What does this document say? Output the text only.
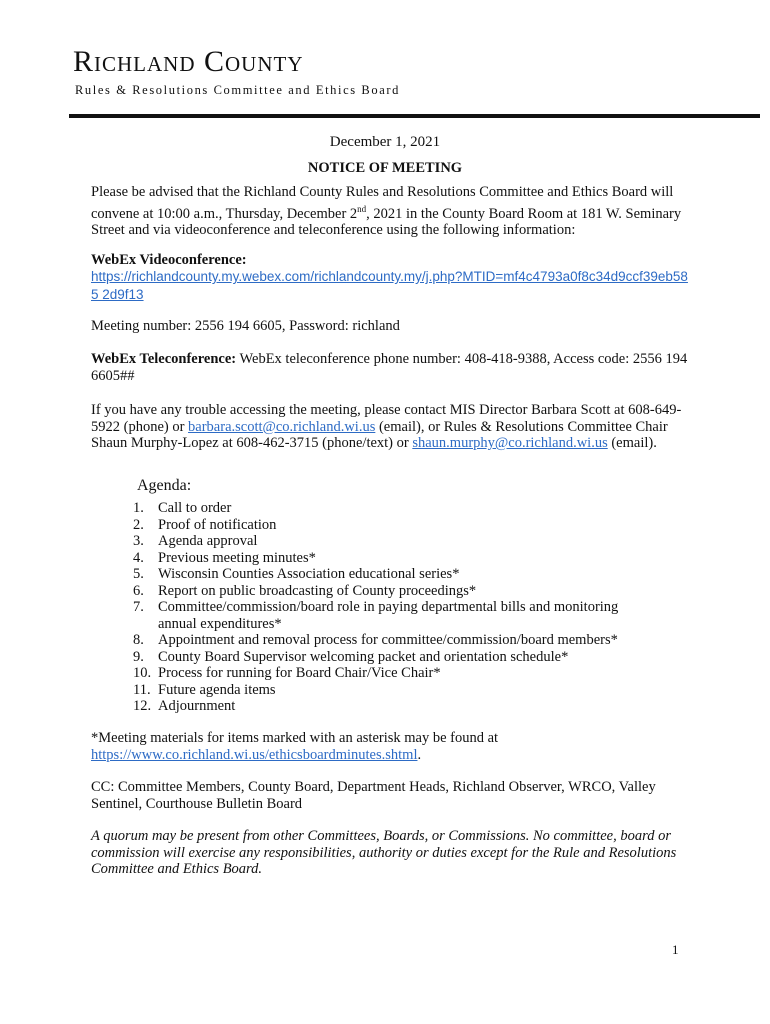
Richland County
Rules & Resolutions Committee and Ethics Board
December 1, 2021
NOTICE OF MEETING
Please be advised that the Richland County Rules and Resolutions Committee and Ethics Board will convene at 10:00 a.m., Thursday, December 2nd, 2021 in the County Board Room at 181 W. Seminary Street and via videoconference and teleconference using the following information:
WebEx Videoconference:
https://richlandcounty.my.webex.com/richlandcounty.my/j.php?MTID=mf4c4793a0f8c34d9ccf39eb585 2d9f13
Meeting number: 2556 194 6605, Password: richland
WebEx Teleconference: WebEx teleconference phone number: 408-418-9388, Access code: 2556 194 6605##
If you have any trouble accessing the meeting, please contact MIS Director Barbara Scott at 608-649-5922 (phone) or barbara.scott@co.richland.wi.us (email), or Rules & Resolutions Committee Chair Shaun Murphy-Lopez at 608-462-3715 (phone/text) or shaun.murphy@co.richland.wi.us (email).
Agenda:
1. Call to order
2. Proof of notification
3. Agenda approval
4. Previous meeting minutes*
5. Wisconsin Counties Association educational series*
6. Report on public broadcasting of County proceedings*
7. Committee/commission/board role in paying departmental bills and monitoring annual expenditures*
8. Appointment and removal process for committee/commission/board members*
9. County Board Supervisor welcoming packet and orientation schedule*
10. Process for running for Board Chair/Vice Chair*
11. Future agenda items
12. Adjournment
*Meeting materials for items marked with an asterisk may be found at https://www.co.richland.wi.us/ethicsboardminutes.shtml.
CC: Committee Members, County Board, Department Heads, Richland Observer, WRCO, Valley Sentinel, Courthouse Bulletin Board
A quorum may be present from other Committees, Boards, or Commissions. No committee, board or commission will exercise any responsibilities, authority or duties except for the Rule and Resolutions Committee and Ethics Board.
1
